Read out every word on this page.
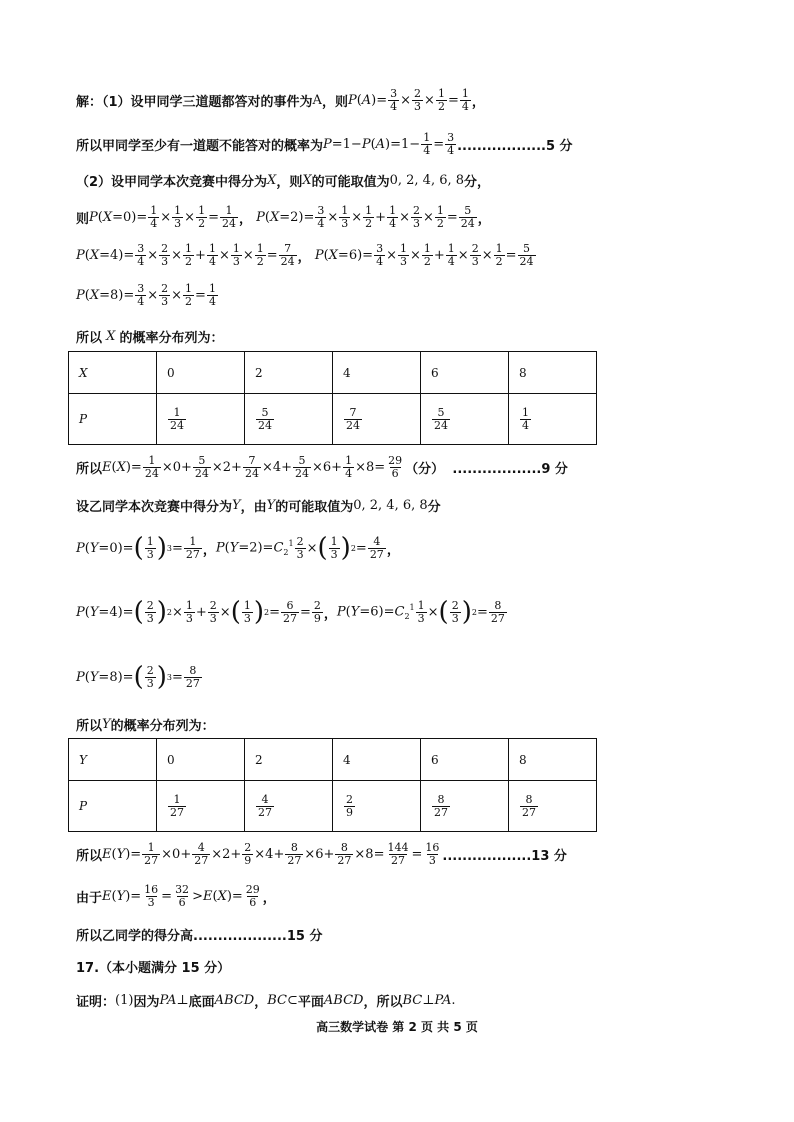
解：（1）设甲同学三道题都答对的事件为 A ，则 $P(A)= \frac{3}{4} \times \frac{2}{3} \times \frac{1}{2} = \frac{1}{4}$ ，
所以甲同学至少有一道题不能答对的概率为 $P=1-P(A)=1- \frac{1}{4} = \frac{3}{4} ..................5$ 分
（2）设甲同学本次竞赛中得分为 X ，则 X 的可能取值为 0, 2, 4, 6, 8 分，
则 $P(X=0)= \frac{1}{4} \times \frac{1}{3} \times \frac{1}{2} = \frac{1}{24}$ ， $P(X=2)= \frac{3}{4} \times \frac{1}{3} \times \frac{1}{2} + \frac{1}{4} \times \frac{2}{3} \times \frac{1}{2} = \frac{5}{24}$ ，
$P(X=4)= \frac{3}{4} \times \frac{2}{3} \times \frac{1}{2} + \frac{1}{4} \times \frac{1}{3} \times \frac{1}{2} = \frac{7}{24}$ ， $P(X=6)= \frac{3}{4} \times \frac{1}{3} \times \frac{1}{2} + \frac{1}{4} \times \frac{2}{3} \times \frac{1}{2} = \frac{5}{24}$
$P(X=8)= \frac{3}{4} \times \frac{2}{3} \times \frac{1}{2} = \frac{1}{4}$
所以 X 的概率分布列为：
X	0	2	4	6	8
P	$\frac{1}{24}$	$\frac{5}{24}$	$\frac{7}{24}$	$\frac{5}{24}$	$\frac{1}{4}$
所以 $E(X)= \frac{1}{24} \times 0+ \frac{5}{24} \times 2+ \frac{7}{24} \times 4+ \frac{5}{24} \times 6+ \frac{1}{4} \times 8= \frac{29}{6}$ （分）
..................9 分
设乙同学本次竞赛中得分为 Y ，由 Y 的可能取值为 0, 2, 4, 6, 8 分
P(Y=0)= ( $\frac{1}{3}$ ) $3 = \frac{1}{27}$ ， $P(Y=2)=C_2^1 \frac{2}{3}$ × ( $\frac{1}{3}$ ) $2 = \frac{4}{27}$ ，
P(Y=4)= ( $\frac{2}{3}$ ) $2 \times \frac{1}{3} + \frac{2}{3}$ × ( $\frac{1}{3}$ ) $2 = \frac{6}{27} = \frac{2}{9}$ ， $P(Y=6)=C_2^1 \frac{1}{3}$ × ( $\frac{2}{3}$ ) $2 = \frac{8}{27}$
P(Y=8)= ( $\frac{2}{3}$ ) $3 = \frac{8}{27}$
所以 Y 的概率分布列为：
Y	0	2	4	6	8
P	$\frac{1}{27}$	$\frac{4}{27}$	$\frac{2}{9}$	$\frac{8}{27}$	$\frac{8}{27}$
所以 $E(Y)= \frac{1}{27} \times 0+ \frac{4}{27} \times 2+ \frac{2}{9} \times 4+ \frac{8}{27} \times 6+ \frac{8}{27} \times 8= \frac{144}{27} = \frac{16}{3} ..................13$ 分
由于 $E(Y)= \frac{16}{3} = \frac{32}{6} >E(X)= \frac{29}{6}$ ，
所以乙同学的得分高...................15 分
17.（本小题满分 15 分）
证明： (1) 因为 PA ⊥ 底面 ABCD ， BC ⊂ 平面 ABCD ，所以 BC ⊥ PA .
高三数学试卷 第 2 页 共 5 页
